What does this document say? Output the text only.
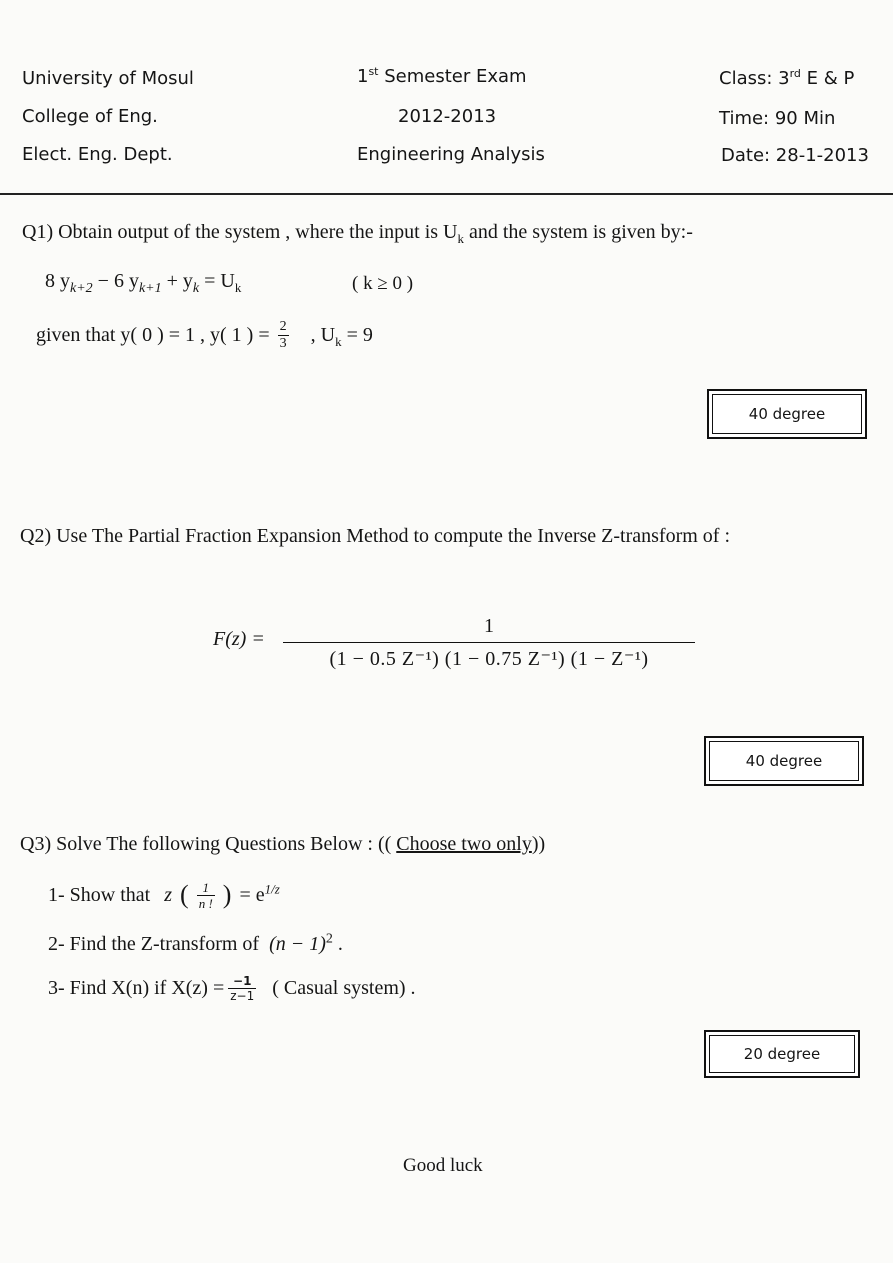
University of Mosul
College of Eng.
Elect. Eng. Dept.
1st Semester Exam
2012-2013
Engineering Analysis
Class: 3rd E & P
Time: 90 Min
Date: 28-1-2013
Q1) Obtain output of the system , where the input is $U_k$ and the system is given by:-
8 $y_{k+2} - 6$ $y_{k+1} + y_k = U_k$	( k ≥ 0 )
given that y( 0 ) = 1 , y( 1 ) = $\frac{2}{3}$ , $U_k = 9$
40 degree
Q2) Use The Partial Fraction Expansion Method to compute the Inverse Z-transform of :
$F(z) = \frac{1}{\text{(1 − 0.5 Z⁻¹) (1 − 0.75 Z⁻¹) (1 − Z⁻¹)}}$
40 degree
Q3) Solve The following Questions Below : (( Choose two only))
1- Show that z ( $\frac{1}{n !}$ ) = $e^{1/z}$
2- Find the Z-transform of $(n - 1)^2$ .
3- Find X(n) if $X(z) = \frac{-1}{z-1}$ ( Casual system) .
20 degree
Good luck
